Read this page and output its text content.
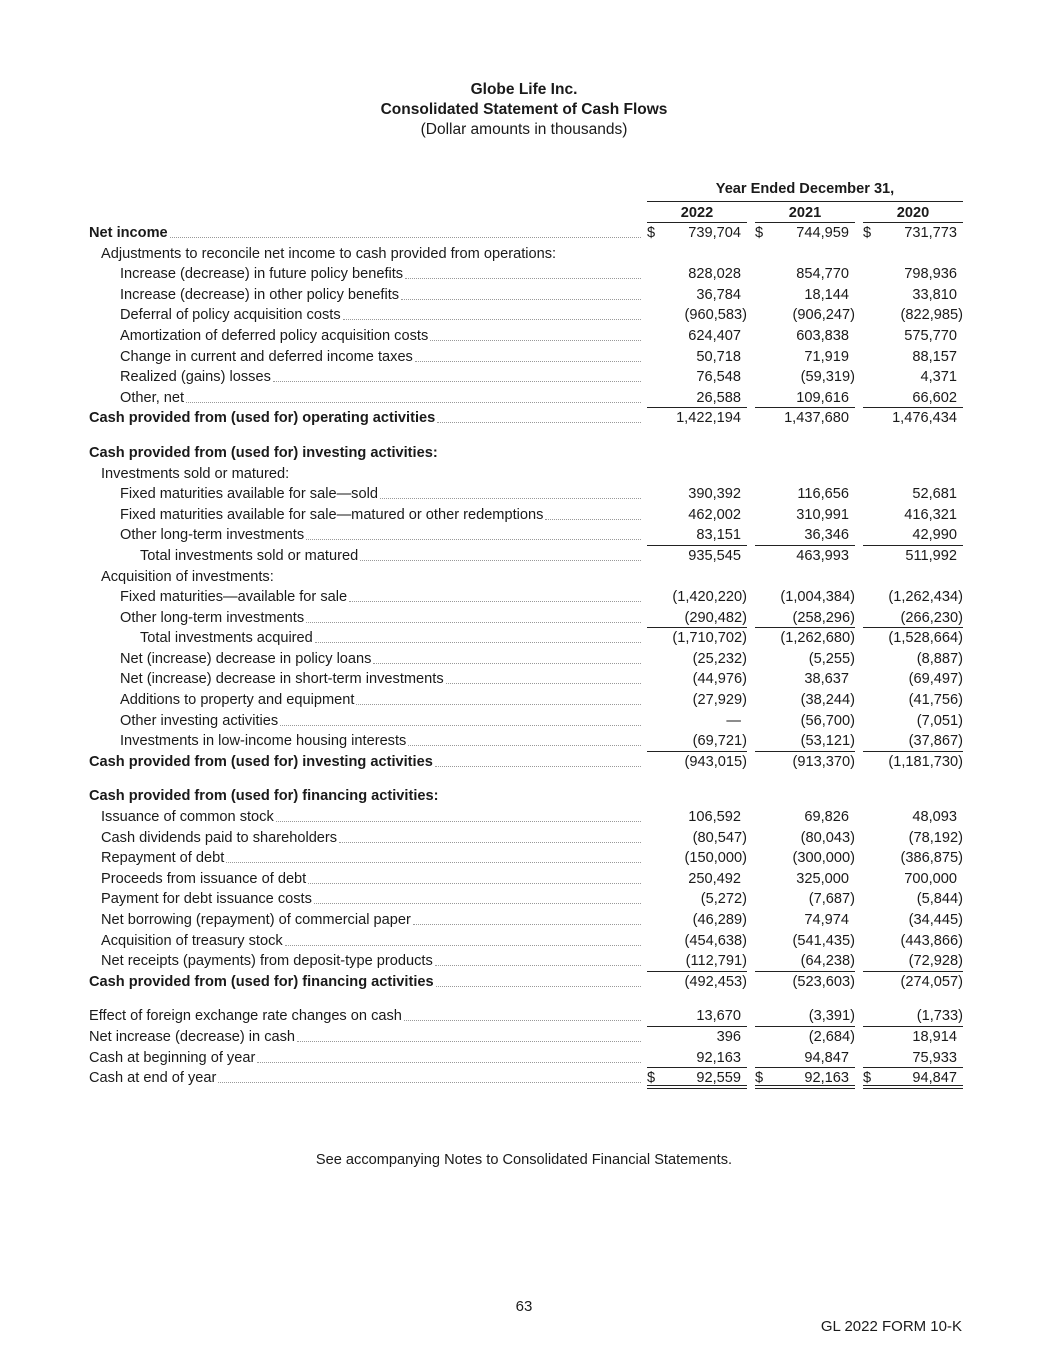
Globe Life Inc.
Consolidated Statement of Cash Flows
(Dollar amounts in thousands)
Year Ended December 31,
2022	2021	2020
Net income	$	739,704 $	744,959 $	731,773
Adjustments to reconcile net income to cash provided from operations:
Increase (decrease) in future policy benefits	828,028	854,770	798,936
Increase (decrease) in other policy benefits	36,784	18,144	33,810
Deferral of policy acquisition costs	(960,583)	(906,247)	(822,985)
Amortization of deferred policy acquisition costs	624,407	603,838	575,770
Change in current and deferred income taxes	50,718	71,919	88,157
Realized (gains) losses	76,548	(59,319)	4,371
Other, net	26,588	109,616	66,602
Cash provided from (used for) operating activities	1,422,194	1,437,680	1,476,434
Cash provided from (used for) investing activities:
Investments sold or matured:
Fixed maturities available for sale—sold	390,392	116,656	52,681
Fixed maturities available for sale—matured or other redemptions	462,002	310,991	416,321
Other long-term investments	83,151	36,346	42,990
Total investments sold or matured	935,545	463,993	511,992
Acquisition of investments:
Fixed maturities—available for sale	(1,420,220)	(1,004,384)	(1,262,434)
Other long-term investments	(290,482)	(258,296)	(266,230)
Total investments acquired	(1,710,702)	(1,262,680)	(1,528,664)
Net (increase) decrease in policy loans	(25,232)	(5,255)	(8,887)
Net (increase) decrease in short-term investments	(44,976)	38,637	(69,497)
Additions to property and equipment	(27,929)	(38,244)	(41,756)
Other investing activities	—	(56,700)	(7,051)
Investments in low-income housing interests	(69,721)	(53,121)	(37,867)
Cash provided from (used for) investing activities	(943,015)	(913,370)	(1,181,730)
Cash provided from (used for) financing activities:
Issuance of common stock	106,592	69,826	48,093
Cash dividends paid to shareholders	(80,547)	(80,043)	(78,192)
Repayment of debt	(150,000)	(300,000)	(386,875)
Proceeds from issuance of debt	250,492	325,000	700,000
Payment for debt issuance costs	(5,272)	(7,687)	(5,844)
Net borrowing (repayment) of commercial paper	(46,289)	74,974	(34,445)
Acquisition of treasury stock	(454,638)	(541,435)	(443,866)
Net receipts (payments) from deposit-type products	(112,791)	(64,238)	(72,928)
Cash provided from (used for) financing activities	(492,453)	(523,603)	(274,057)
Effect of foreign exchange rate changes on cash	13,670	(3,391)	(1,733)
Net increase (decrease) in cash	396	(2,684)	18,914
Cash at beginning of year	92,163	94,847	75,933
Cash at end of year	$	92,559 $	92,163 $	94,847
See accompanying Notes to Consolidated Financial Statements.
63
GL 2022 FORM 10-K
